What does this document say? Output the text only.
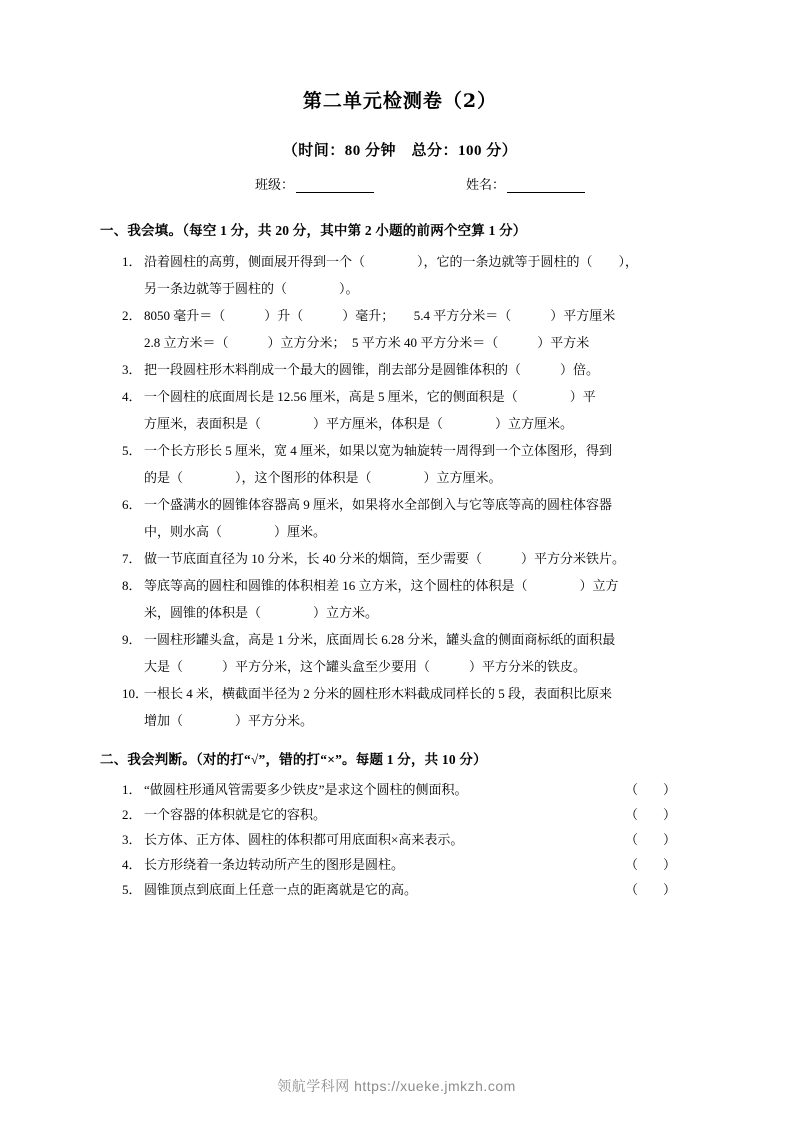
第二单元检测卷（2）
（时间：80 分钟　总分：100 分）
班级：	姓名：
一、我会填。（每空 1 分，共 20 分，其中第 2 小题的前两个空算 1 分）
1． 沿着圆柱的高剪，侧面展开得到一个（　　　　），它的一条边就等于圆柱的（　　），
另一条边就等于圆柱的（　　　　）。
2． 8050 毫升＝（　　　）升（　　　）毫升；　　5.4 平方分米＝（　　　）平方厘米
2.8 立方米＝（　　　）立方分米；　5 平方米 40 平方分米＝（　　　）平方米
3． 把一段圆柱形木料削成一个最大的圆锥，削去部分是圆锥体积的（　　　）倍。
4． 一个圆柱的底面周长是 12.56 厘米，高是 5 厘米，它的侧面积是（　　　　）平
方厘米，表面积是（　　　　）平方厘米，体积是（　　　　）立方厘米。
5． 一个长方形长 5 厘米，宽 4 厘米，如果以宽为轴旋转一周得到一个立体图形，得到
的是（　　　　），这个图形的体积是（　　　　）立方厘米。
6． 一个盛满水的圆锥体容器高 9 厘米，如果将水全部倒入与它等底等高的圆柱体容器
中，则水高（　　　　）厘米。
7． 做一节底面直径为 10 分米，长 40 分米的烟筒，至少需要（　　　）平方分米铁片。
8． 等底等高的圆柱和圆锥的体积相差 16 立方米，这个圆柱的体积是（　　　　）立方
米，圆锥的体积是（　　　　）立方米。
9． 一圆柱形罐头盒，高是 1 分米，底面周长 6.28 分米，罐头盒的侧面商标纸的面积最
大是（　　　）平方分米，这个罐头盒至少要用（　　　）平方分米的铁皮。
10．
一根长 4 米，横截面半径为 2 分米的圆柱形木料截成同样长的 5 段，表面积比原来
增加（　　　　）平方分米。
二、我会判断。（对的打“√”，错的打“×”。每题 1 分，共 10 分）
1． “做圆柱形通风管需要多少铁皮”是求这个圆柱的侧面积。	（　）
2． 一个容器的体积就是它的容积。	（　）
3． 长方体、正方体、圆柱的体积都可用底面积×高来表示。	（　）
4． 长方形绕着一条边转动所产生的图形是圆柱。	（　）
5． 圆锥顶点到底面上任意一点的距离就是它的高。	（　）
领航学科网 https://xueke.jmkzh.com
